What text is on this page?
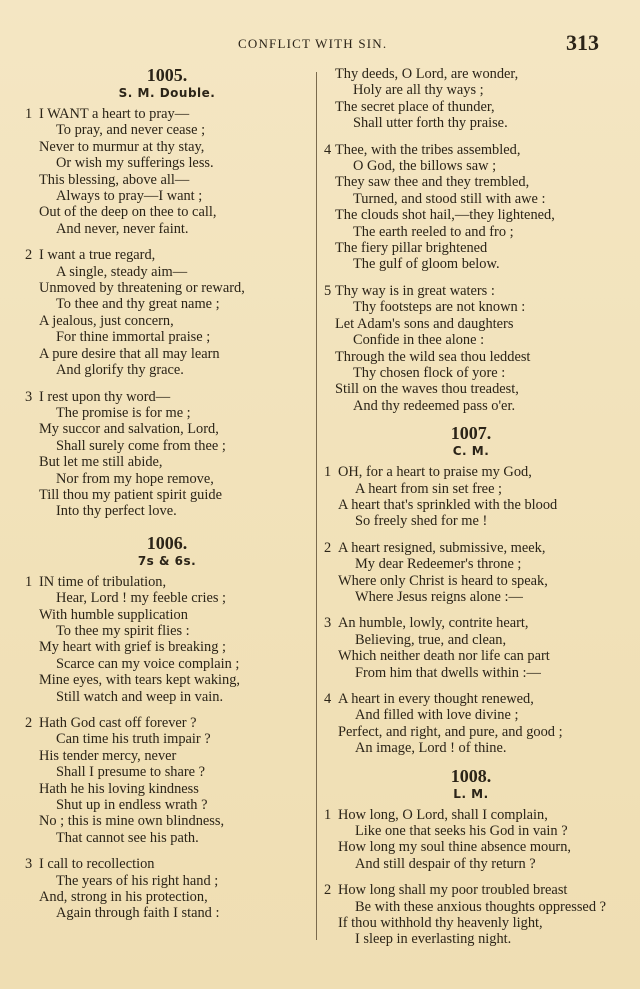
CONFLICT WITH SIN.	313
1005.
S. M. Double.
1 I WANT a heart to pray—
To pray, and never cease ;
Never to murmur at thy stay,
Or wish my sufferings less.
This blessing, above all—
Always to pray—I want ;
Out of the deep on thee to call,
And never, never faint.
2 I want a true regard,
A single, steady aim—
Unmoved by threatening or reward,
To thee and thy great name ;
A jealous, just concern,
For thine immortal praise ;
A pure desire that all may learn
And glorify thy grace.
3 I rest upon thy word—
The promise is for me ;
My succor and salvation, Lord,
Shall surely come from thee ;
But let me still abide,
Nor from my hope remove,
Till thou my patient spirit guide
Into thy perfect love.
1006.
7s & 6s.
1 IN time of tribulation,
Hear, Lord ! my feeble cries ;
With humble supplication
To thee my spirit flies :
My heart with grief is breaking ;
Scarce can my voice complain ;
Mine eyes, with tears kept waking,
Still watch and weep in vain.
2 Hath God cast off forever ?
Can time his truth impair ?
His tender mercy, never
Shall I presume to share ?
Hath he his loving kindness
Shut up in endless wrath ?
No ; this is mine own blindness,
That cannot see his path.
3 I call to recollection
The years of his right hand ;
And, strong in his protection,
Again through faith I stand :
Thy deeds, O Lord, are wonder,
Holy are all thy ways ;
The secret place of thunder,
Shall utter forth thy praise.
4 Thee, with the tribes assembled,
O God, the billows saw ;
They saw thee and they trembled,
Turned, and stood still with awe :
The clouds shot hail,—they lightened,
The earth reeled to and fro ;
The fiery pillar brightened
The gulf of gloom below.
5 Thy way is in great waters :
Thy footsteps are not known :
Let Adam's sons and daughters
Confide in thee alone :
Through the wild sea thou leddest
Thy chosen flock of yore :
Still on the waves thou treadest,
And thy redeemed pass o'er.
1007.
C. M.
1 OH, for a heart to praise my God,
A heart from sin set free ;
A heart that's sprinkled with the blood
So freely shed for me !
2 A heart resigned, submissive, meek,
My dear Redeemer's throne ;
Where only Christ is heard to speak,
Where Jesus reigns alone :—
3 An humble, lowly, contrite heart,
Believing, true, and clean,
Which neither death nor life can part
From him that dwells within :—
4 A heart in every thought renewed,
And filled with love divine ;
Perfect, and right, and pure, and good ;
An image, Lord ! of thine.
1008.
L. M.
1 How long, O Lord, shall I complain,
Like one that seeks his God in vain ?
How long my soul thine absence mourn,
And still despair of thy return ?
2 How long shall my poor troubled breast
Be with these anxious thoughts oppressed ?
If thou withhold thy heavenly light,
I sleep in everlasting night.
